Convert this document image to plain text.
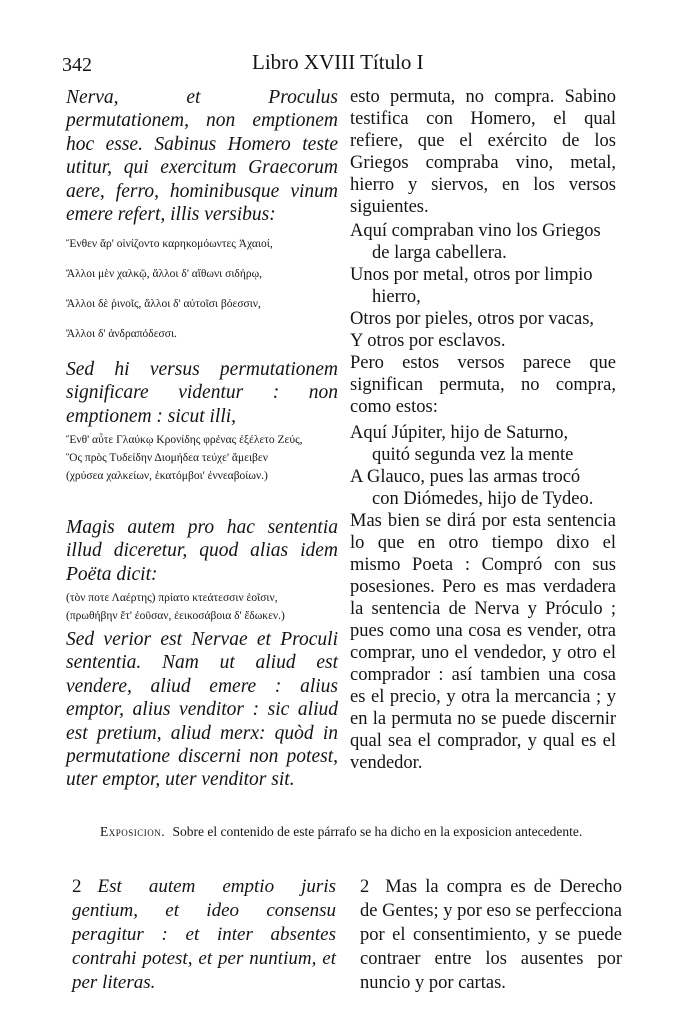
342	Libro XVIII Título I

Nerva, et Proculus permutationem, non emptionem hoc esse. Sabinus Homero teste utitur, qui exercitum Graecorum aere, ferro, hominibusque vinum emere refert, illis versibus:

Ἔνθεν ἄρ' οἰνίζοντο καρηκομόωντες Ἀχαιοί,

Ἄλλοι μὲν χαλκῷ, ἄλλοι δ' αἴθωνι σιδήρῳ,

Ἄλλοι δὲ ῥινοῖς, ἄλλοι δ' αὐτοῖσι βόεσσιν,

Ἄλλοι δ' ἀνδραπόδεσσι.

Sed hi versus permutationem significare videntur : non emptionem : sicut illi,

Ἔνθ' αὖτε Γλαύκῳ Κρονίδης φρένας ἐξέλετο Ζεύς,

Ὃς πρὸς Τυδείδην Διομήδεα τεύχε' ἄμειβεν

(χρύσεα χαλκείων, ἑκατόμβοι' ἐννεαβοίων.)

Magis autem pro hac sententia illud diceretur, quod alias idem Poëta dicit:

(τὸν ποτε Λαέρτης) πρίατο κτεάτεσσιν ἑοῖσιν,

(πρωθήβην ἔτ' ἐοῦσαν, ἐεικοσάβοια δ' ἔδωκεν.)

Sed verior est Nervae et Proculi sententia. Nam ut aliud est vendere, aliud emere : alius emptor, alius venditor : sic aliud est pretium, aliud merx: quòd in permutatione discerni non potest, uter emptor, uter venditor sit.

esto permuta, no compra. Sabino testifica con Homero, el qual refiere, que el exército de los Griegos compraba vino, metal, hierro y siervos, en los versos siguientes.

Aquí compraban vino los Griegos

de larga cabellera.

Unos por metal, otros por limpio

hierro,

Otros por pieles, otros por vacas,

Y otros por esclavos.

Pero estos versos parece que significan permuta, no compra, como estos:

Aquí Júpiter, hijo de Saturno,

quitó segunda vez la mente

A Glauco, pues las armas trocó

con Diómedes, hijo de Tydeo.

Mas bien se dirá por esta sentencia lo que en otro tiempo dixo el mismo Poeta : Compró con sus posesiones. Pero es mas verdadera la sentencia de Nerva y Próculo ; pues como una cosa es vender, otra comprar, uno el vendedor, y otro el comprador : así tambien una cosa es el precio, y otra la mercancia ; y en la permuta no se puede discernir qual sea el comprador, y qual es el vendedor.

Exposicion. Sobre el contenido de este párrafo se ha dicho en la exposicion antecedente.

2 Est autem emptio juris gentium, et ideo consensu peragitur : et inter absentes contrahi potest, et per nuntium, et per literas.

2 Mas la compra es de Derecho de Gentes; y por eso se perfecciona por el consentimiento, y se puede contraer entre los ausentes por nuncio y por cartas.
